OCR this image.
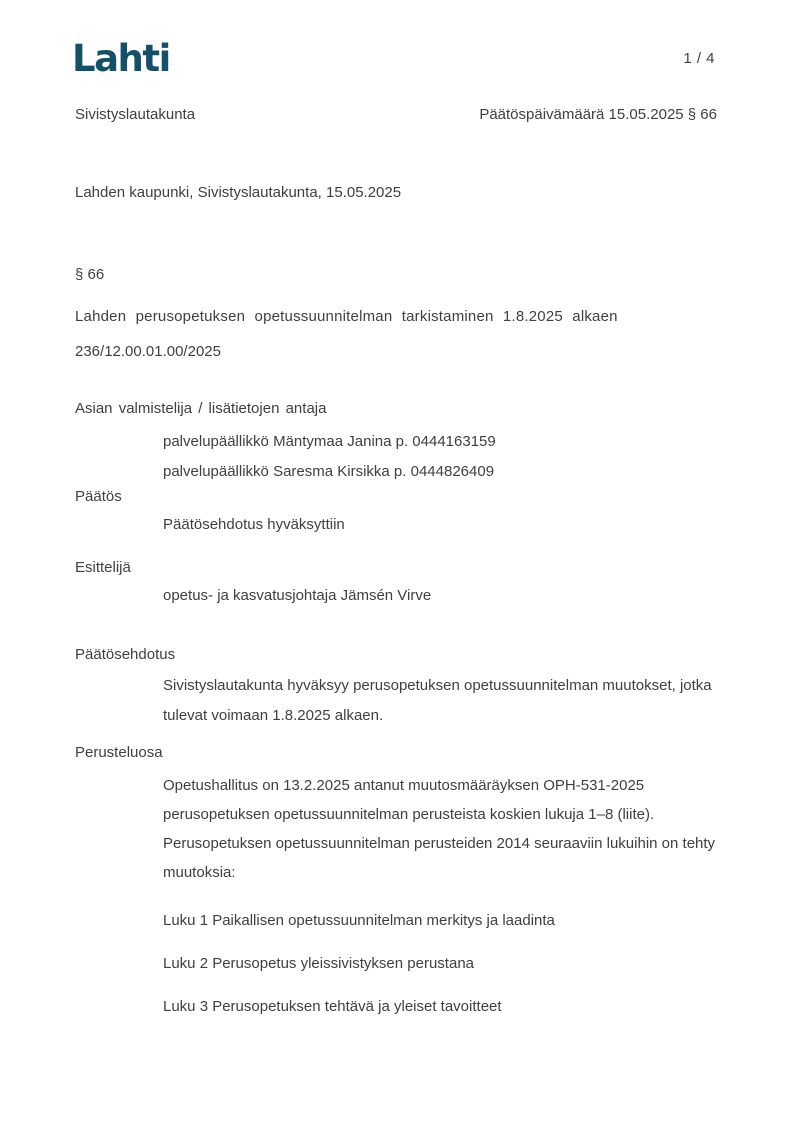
Lahti	1 / 4
Sivistyslautakunta	Päätöspäivämäärä 15.05.2025 § 66
Lahden kaupunki, Sivistyslautakunta, 15.05.2025
§ 66
Lahden perusopetuksen opetussuunnitelman tarkistaminen 1.8.2025 alkaen
236/12.00.01.00/2025
Asian valmistelija / lisätietojen antaja
palvelupäällikkö Mäntymaa Janina p. 0444163159
palvelupäällikkö Saresma Kirsikka p. 0444826409
Päätös
Päätösehdotus hyväksyttiin
Esittelijä
opetus- ja kasvatusjohtaja Jämsén Virve
Päätösehdotus
Sivistyslautakunta hyväksyy perusopetuksen opetussuunnitelman muutokset, jotka
tulevat voimaan 1.8.2025 alkaen.
Perusteluosa
Opetushallitus on 13.2.2025 antanut muutosmääräyksen OPH-531-2025
perusopetuksen opetussuunnitelman perusteista koskien lukuja 1–8 (liite).
Perusopetuksen opetussuunnitelman perusteiden 2014 seuraaviin lukuihin on tehty
muutoksia:
Luku 1 Paikallisen opetussuunnitelman merkitys ja laadinta
Luku 2 Perusopetus yleissivistyksen perustana
Luku 3 Perusopetuksen tehtävä ja yleiset tavoitteet
